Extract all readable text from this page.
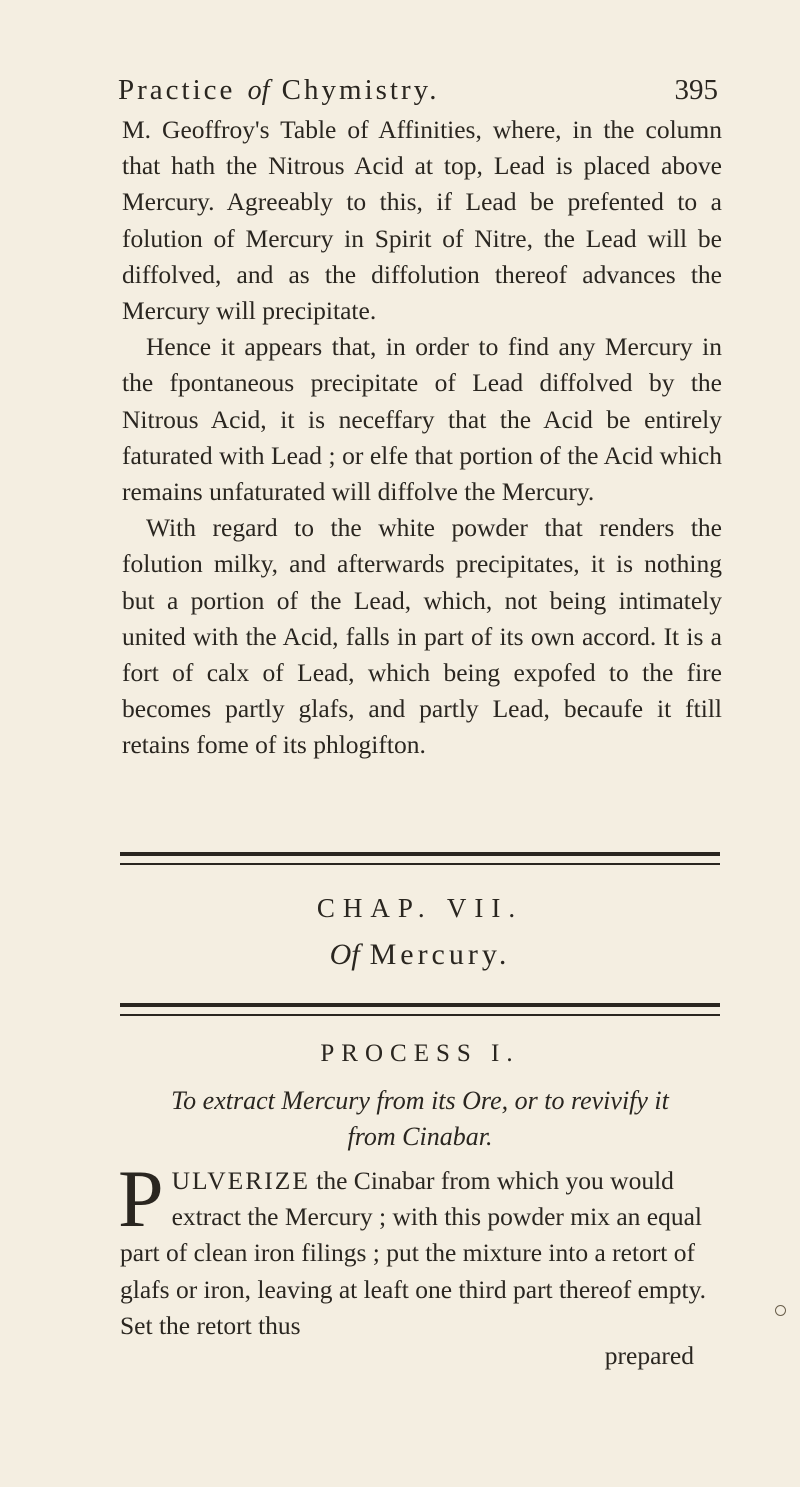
Practice of Chymistry.	395

M. Geoffroy's Table of Affinities, where, in the column that hath the Nitrous Acid at top, Lead is placed above Mercury. Agreeably to this, if Lead be prefented to a folution of Mercury in Spirit of Nitre, the Lead will be diffolved, and as the diffolution thereof advances the Mercury will precipitate.

Hence it appears that, in order to find any Mercury in the fpontaneous precipitate of Lead diffolved by the Nitrous Acid, it is neceffary that the Acid be entirely faturated with Lead ; or elfe that portion of the Acid which remains unfaturated will diffolve the Mercury.

With regard to the white powder that renders the folution milky, and afterwards precipitates, it is nothing but a portion of the Lead, which, not being intimately united with the Acid, falls in part of its own accord. It is a fort of calx of Lead, which being expofed to the fire becomes partly glafs, and partly Lead, becaufe it ftill retains fome of its phlogifton.

CHAP. VII.
Of Mercury.
PROCESS I.
To extract Mercury from its Ore, or to revivify it
from Cinabar.
PULVERIZE the Cinabar from which you would extract the Mercury ; with this powder mix an equal part of clean iron filings ; put the mixture into a retort of glafs or iron, leaving at leaft one third part thereof empty. Set the retort thus
prepared
